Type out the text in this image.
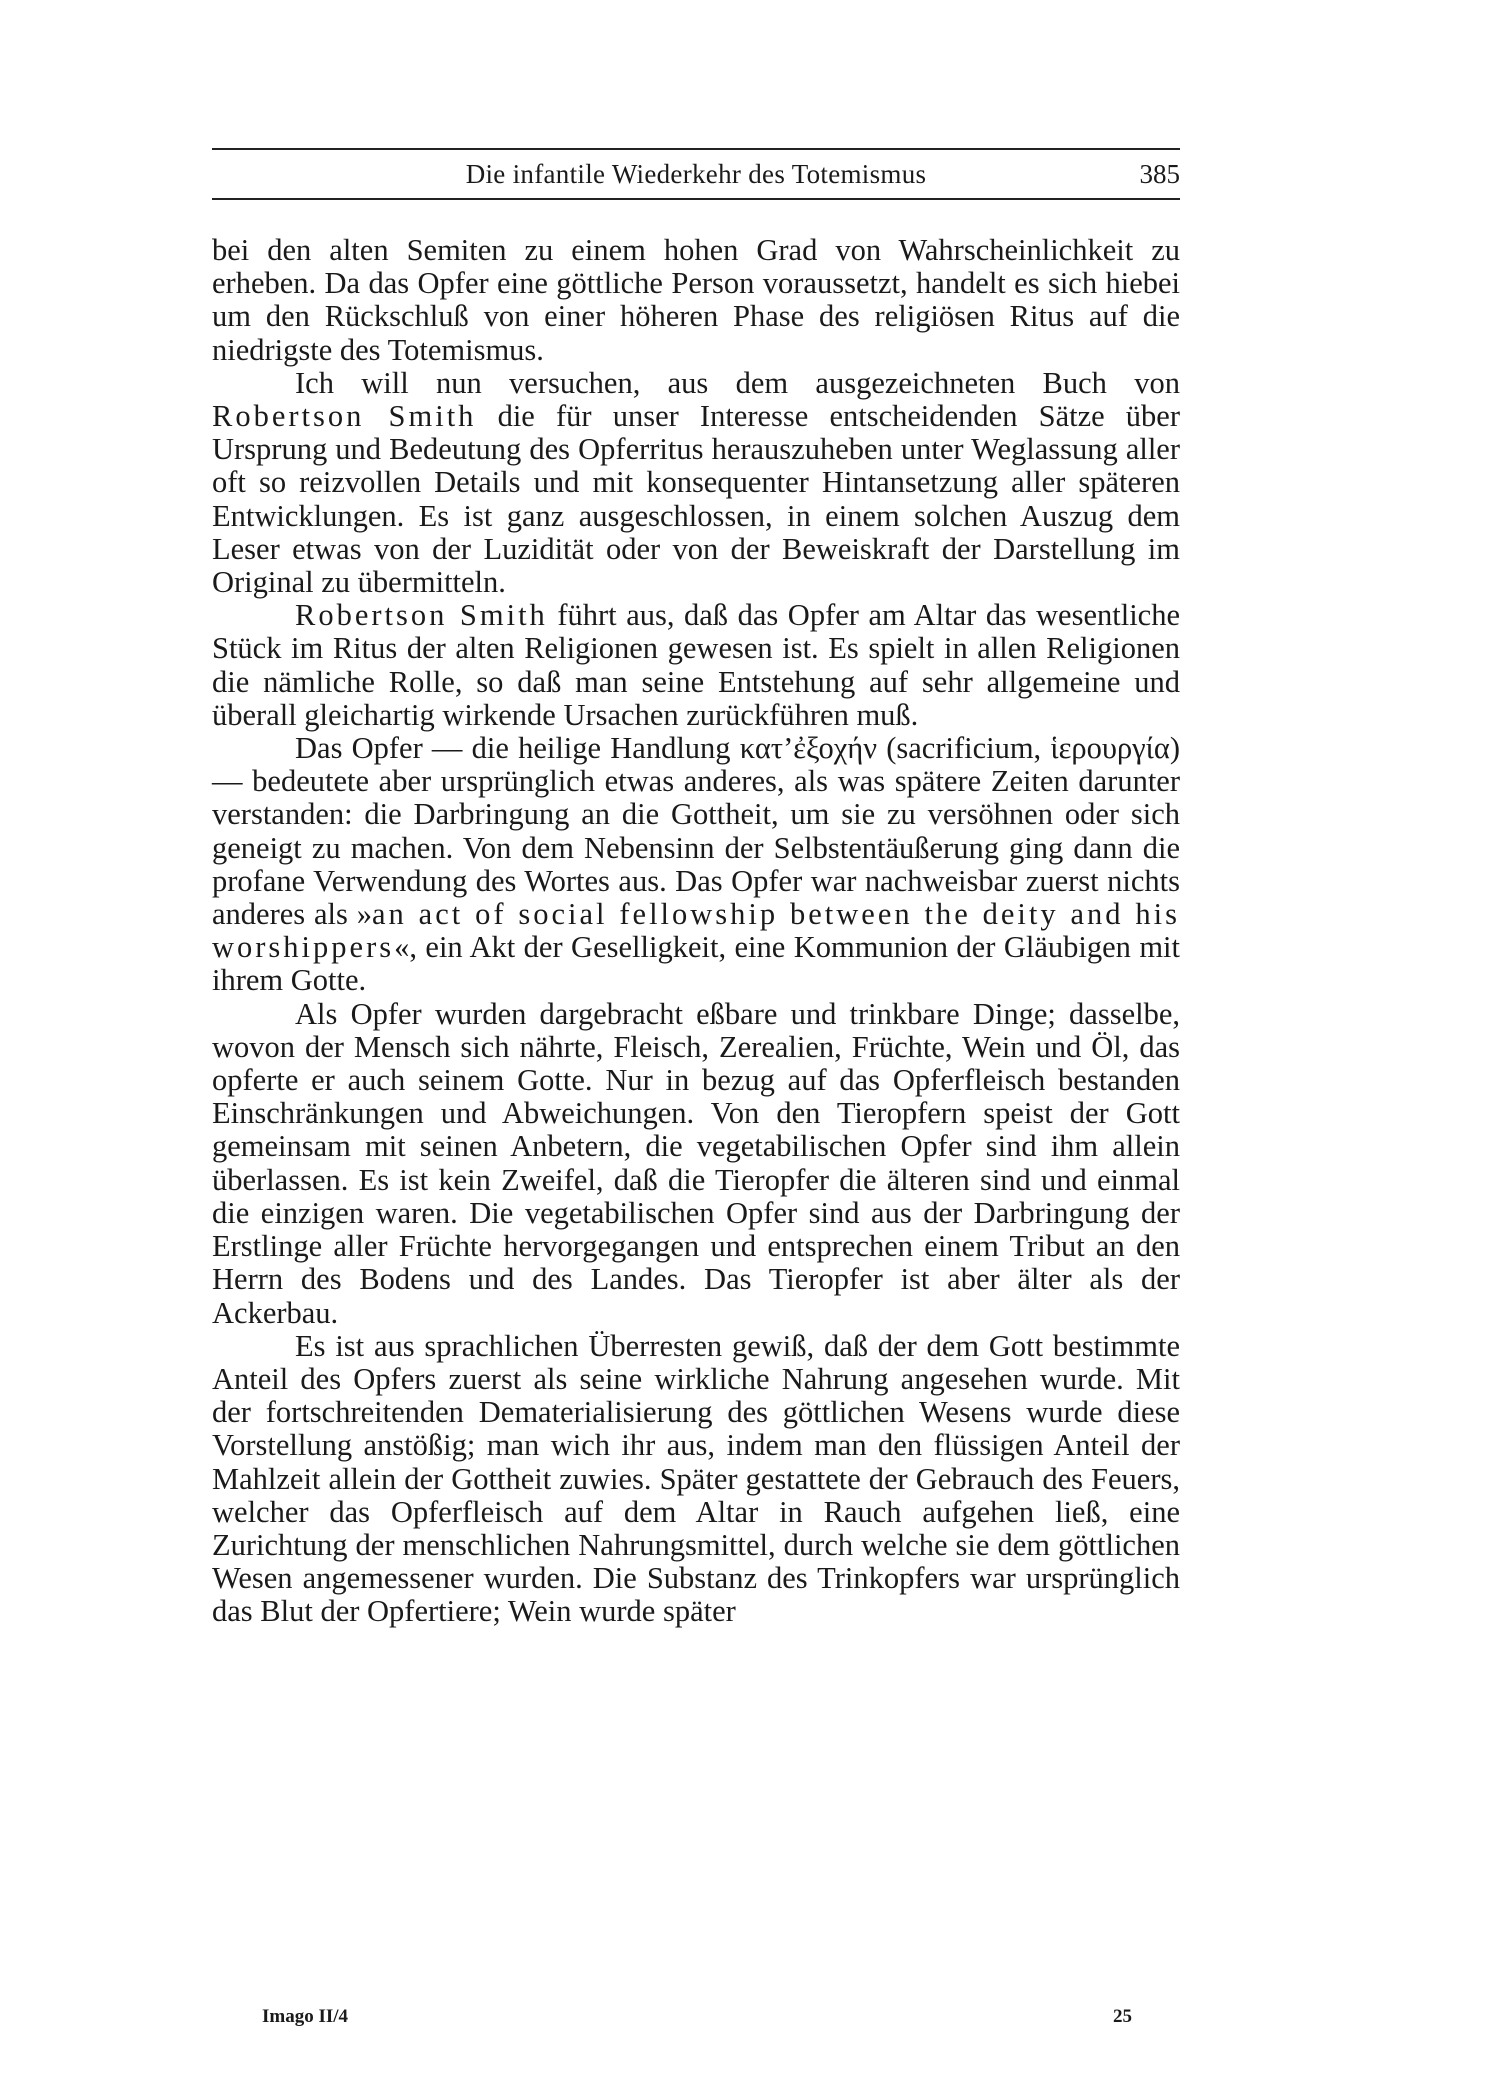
Die infantile Wiederkehr des Totemismus	385

bei den alten Semiten zu einem hohen Grad von Wahrscheinlichkeit zu erheben. Da das Opfer eine göttliche Person voraussetzt, handelt es sich hiebei um den Rückschluß von einer höheren Phase des religiösen Ritus auf die niedrigste des Totemismus.

Ich will nun versuchen, aus dem ausgezeichneten Buch von Robertson Smith die für unser Interesse entscheidenden Sätze über Ursprung und Bedeutung des Opferritus herauszuheben unter Weglassung aller oft so reizvollen Details und mit konsequenter Hintansetzung aller späteren Entwicklungen. Es ist ganz ausgeschlossen, in einem solchen Auszug dem Leser etwas von der Luzidität oder von der Beweiskraft der Darstellung im Original zu übermitteln.

Robertson Smith führt aus, daß das Opfer am Altar das wesentliche Stück im Ritus der alten Religionen gewesen ist. Es spielt in allen Religionen die nämliche Rolle, so daß man seine Entstehung auf sehr allgemeine und überall gleichartig wirkende Ursachen zurückführen muß.

Das Opfer — die heilige Handlung κατ’ἐξοχήν (sacrificium, ἱερουργία) — bedeutete aber ursprünglich etwas anderes, als was spätere Zeiten darunter verstanden: die Darbringung an die Gottheit, um sie zu versöhnen oder sich geneigt zu machen. Von dem Nebensinn der Selbstentäußerung ging dann die profane Verwendung des Wortes aus. Das Opfer war nachweisbar zuerst nichts anderes als »an act of social fellowship between the deity and his worshippers«, ein Akt der Geselligkeit, eine Kommunion der Gläubigen mit ihrem Gotte.

Als Opfer wurden dargebracht eßbare und trinkbare Dinge; dasselbe, wovon der Mensch sich nährte, Fleisch, Zerealien, Früchte, Wein und Öl, das opferte er auch seinem Gotte. Nur in bezug auf das Opferfleisch bestanden Einschränkungen und Abweichungen. Von den Tieropfern speist der Gott gemeinsam mit seinen Anbetern, die vegetabilischen Opfer sind ihm allein überlassen. Es ist kein Zweifel, daß die Tieropfer die älteren sind und einmal die einzigen waren. Die vegetabilischen Opfer sind aus der Darbringung der Erstlinge aller Früchte hervorgegangen und entsprechen einem Tribut an den Herrn des Bodens und des Landes. Das Tieropfer ist aber älter als der Ackerbau.

Es ist aus sprachlichen Überresten gewiß, daß der dem Gott bestimmte Anteil des Opfers zuerst als seine wirkliche Nahrung angesehen wurde. Mit der fortschreitenden Dematerialisierung des göttlichen Wesens wurde diese Vorstellung anstößig; man wich ihr aus, indem man den flüssigen Anteil der Mahlzeit allein der Gottheit zuwies. Später gestattete der Gebrauch des Feuers, welcher das Opferfleisch auf dem Altar in Rauch aufgehen ließ, eine Zurichtung der menschlichen Nahrungsmittel, durch welche sie dem göttlichen Wesen angemessener wurden. Die Substanz des Trinkopfers war ursprünglich das Blut der Opfertiere; Wein wurde später

Imago II/4	25
